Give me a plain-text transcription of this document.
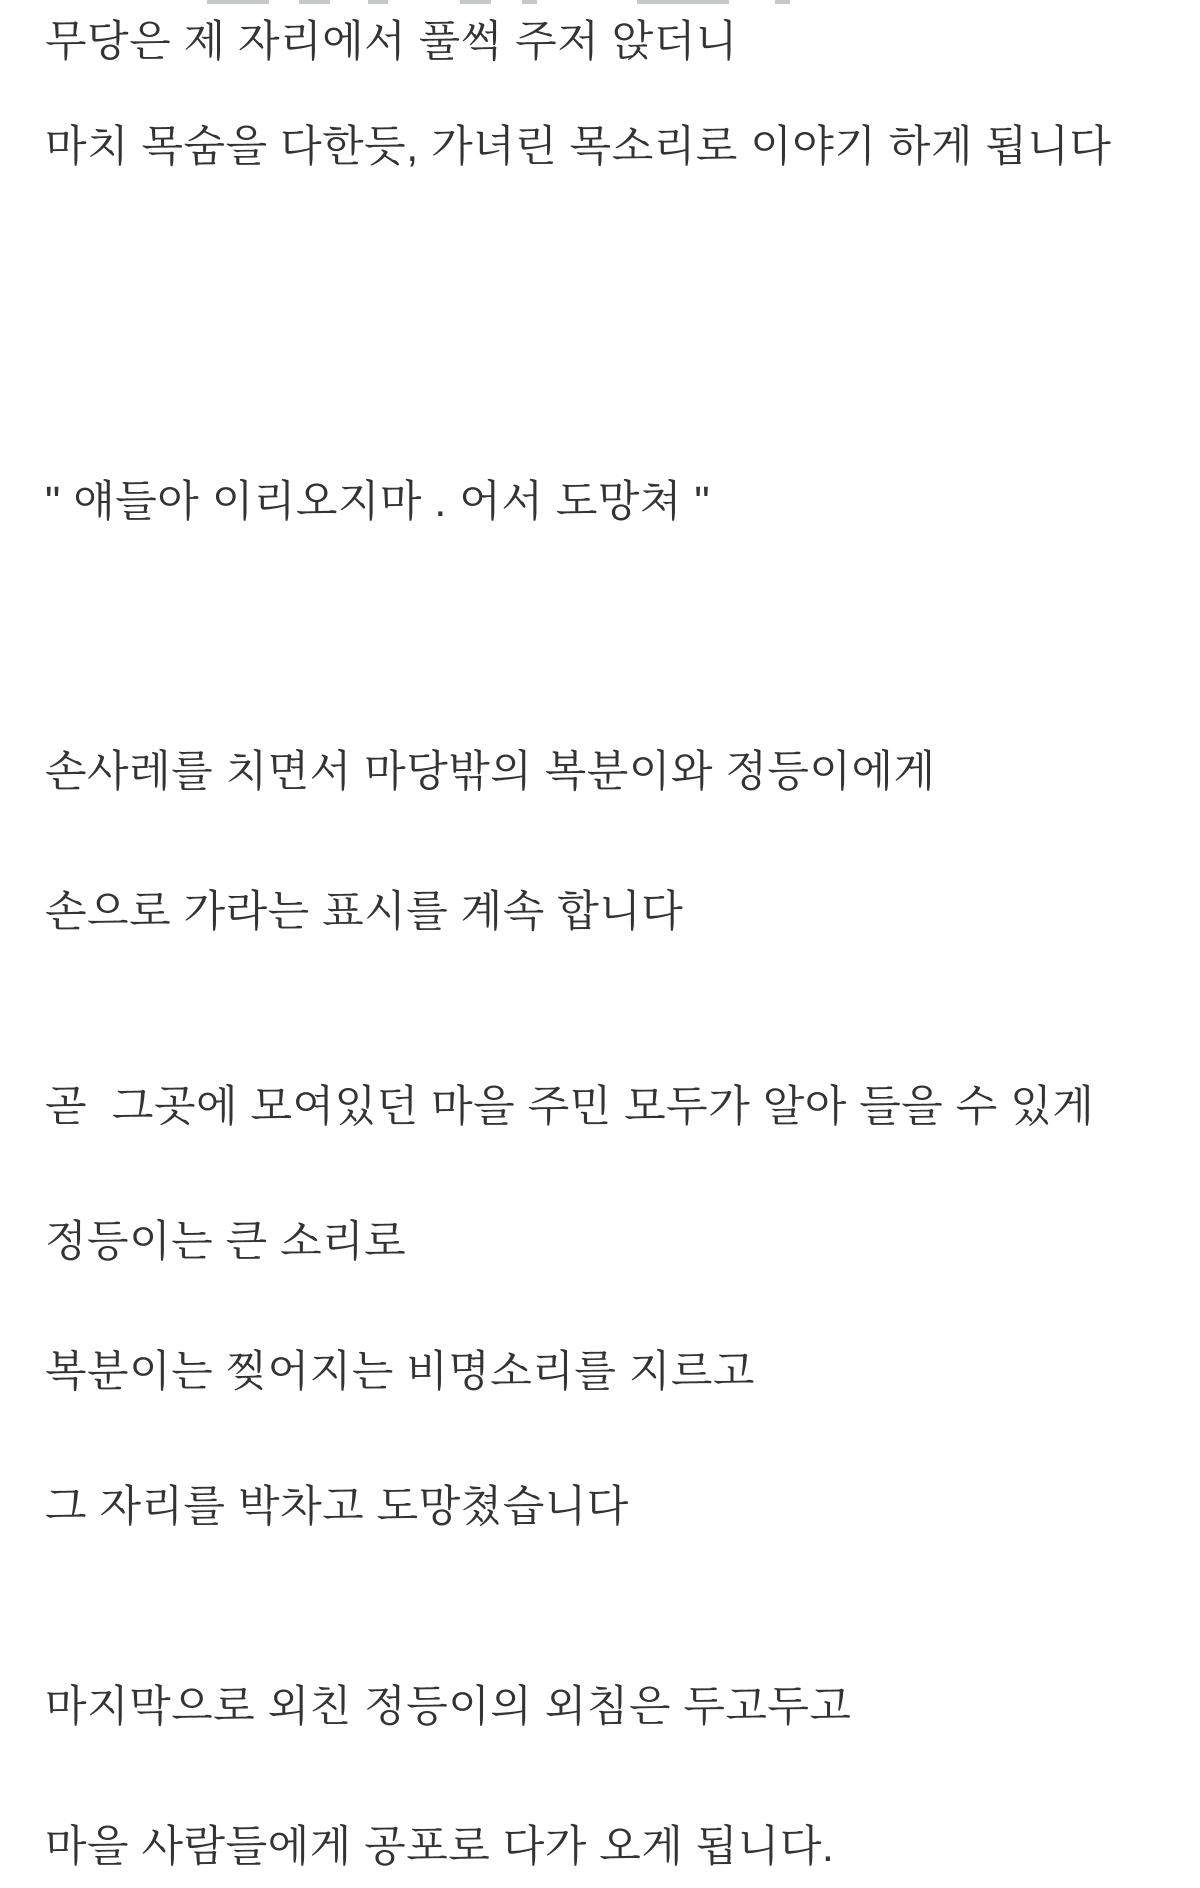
무당은 제 자리에서 풀썩 주저 앉더니

마치 목숨을 다한듯, 가녀린 목소리로 이야기 하게 됩니다

" 얘들아 이리오지마 . 어서 도망쳐 "

손사레를 치면서 마당밖의 복분이와 정등이에게

손으로 가라는 표시를 계속 합니다

곧  그곳에 모여있던 마을 주민 모두가 알아 들을 수 있게

정등이는 큰 소리로

복분이는 찢어지는 비명소리를 지르고

그 자리를 박차고 도망쳤습니다

마지막으로 외친 정등이의 외침은 두고두고

마을 사람들에게 공포로 다가 오게 됩니다.
